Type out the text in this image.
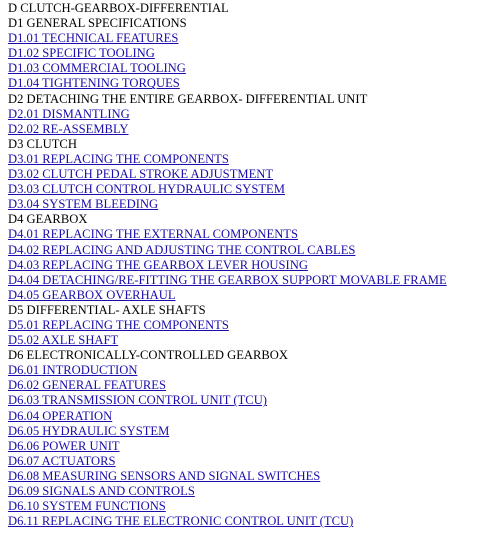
D CLUTCH-GEARBOX-DIFFERENTIAL
D1 GENERAL SPECIFICATIONS
D1.01 TECHNICAL FEATURES
D1.02 SPECIFIC TOOLING
D1.03 COMMERCIAL TOOLING
D1.04 TIGHTENING TORQUES
D2 DETACHING THE ENTIRE GEARBOX- DIFFERENTIAL UNIT
D2.01 DISMANTLING
D2.02 RE-ASSEMBLY
D3 CLUTCH
D3.01 REPLACING THE COMPONENTS
D3.02 CLUTCH PEDAL STROKE ADJUSTMENT
D3.03 CLUTCH CONTROL HYDRAULIC SYSTEM
D3.04 SYSTEM BLEEDING
D4 GEARBOX
D4.01 REPLACING THE EXTERNAL COMPONENTS
D4.02 REPLACING AND ADJUSTING THE CONTROL CABLES
D4.03 REPLACING THE GEARBOX LEVER HOUSING
D4.04 DETACHING/RE-FITTING THE GEARBOX SUPPORT MOVABLE FRAME
D4.05 GEARBOX OVERHAUL
D5 DIFFERENTIAL- AXLE SHAFTS
D5.01 REPLACING THE COMPONENTS
D5.02 AXLE SHAFT
D6 ELECTRONICALLY-CONTROLLED GEARBOX
D6.01 INTRODUCTION
D6.02 GENERAL FEATURES
D6.03 TRANSMISSION CONTROL UNIT (TCU)
D6.04 OPERATION
D6.05 HYDRAULIC SYSTEM
D6.06 POWER UNIT
D6.07 ACTUATORS
D6.08 MEASURING SENSORS AND SIGNAL SWITCHES
D6.09 SIGNALS AND CONTROLS
D6.10 SYSTEM FUNCTIONS
D6.11 REPLACING THE ELECTRONIC CONTROL UNIT (TCU)
